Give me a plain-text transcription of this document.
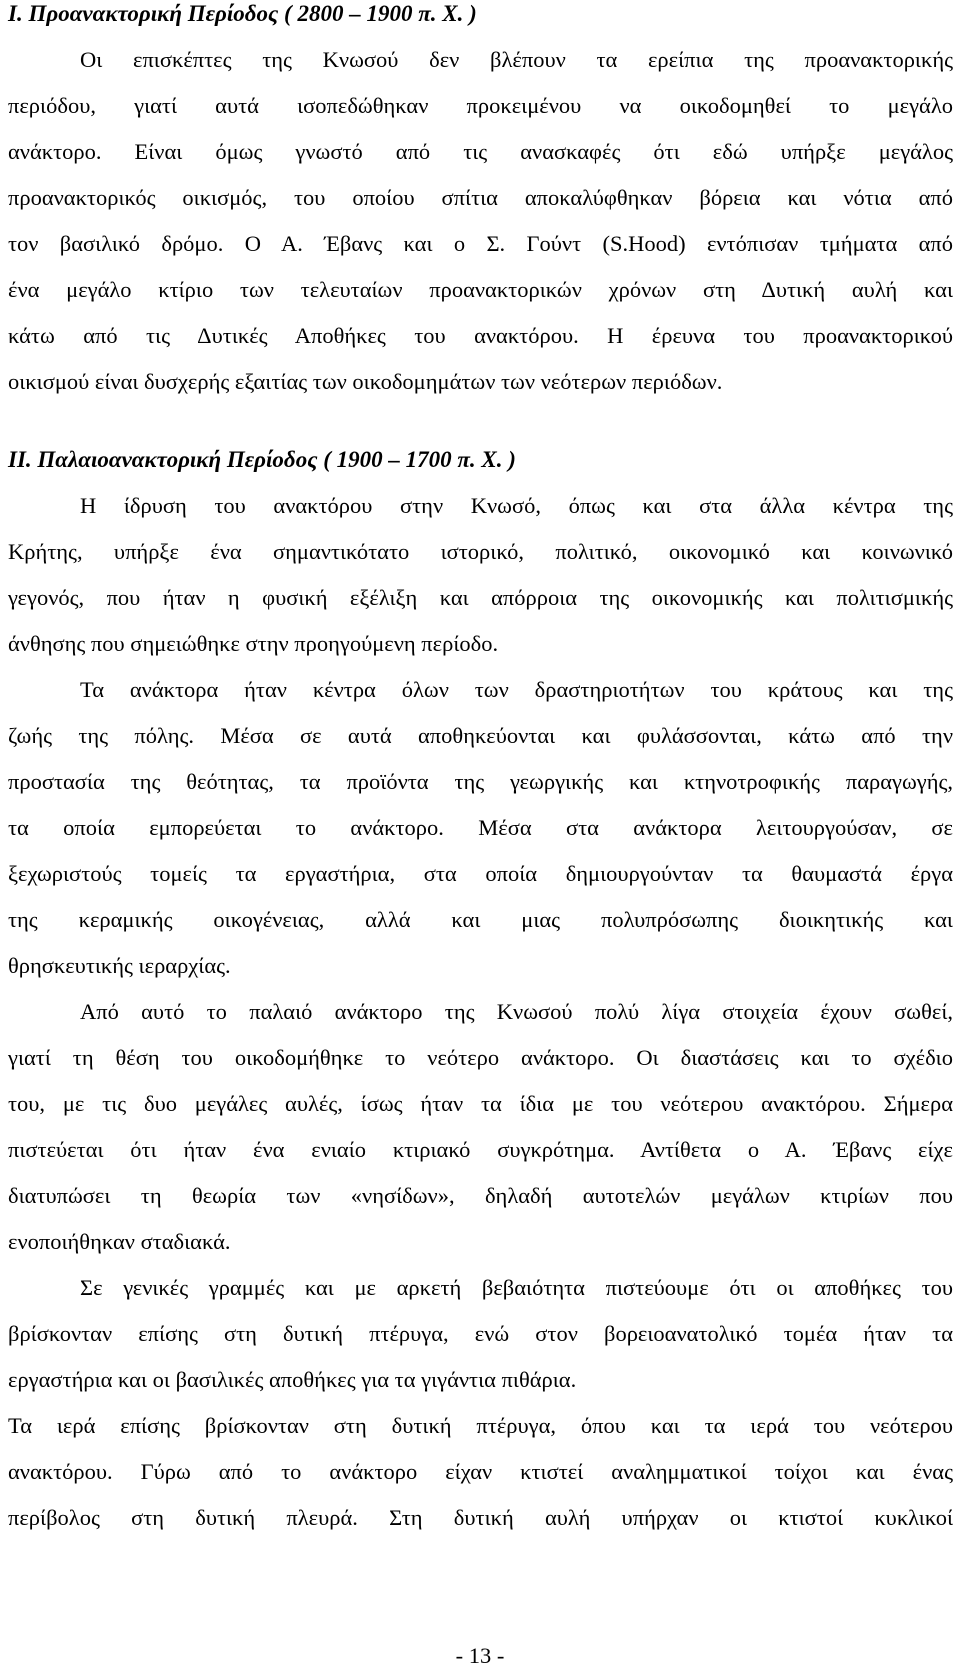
Ι. Προανακτορική Περίοδος ( 2800 – 1900 π. Χ. )
Οι επισκέπτες της Κνωσού δεν βλέπουν τα ερείπια της προανακτορικής
περιόδου, γιατί αυτά ισοπεδώθηκαν προκειμένου να οικοδομηθεί το μεγάλο
ανάκτορο. Είναι όμως γνωστό από τις ανασκαφές ότι εδώ υπήρξε μεγάλος
προανακτορικός οικισμός, του οποίου σπίτια αποκαλύφθηκαν βόρεια και νότια από
τον βασιλικό δρόμο. Ο Α. Έβανς και ο Σ. Γούντ (S.Hood) εντόπισαν τμήματα από
ένα μεγάλο κτίριο των τελευταίων προανακτορικών χρόνων στη Δυτική αυλή και
κάτω από τις Δυτικές Αποθήκες του ανακτόρου. Η έρευνα του προανακτορικού
οικισμού είναι δυσχερής εξαιτίας των οικοδομημάτων των νεότερων περιόδων.
ΙΙ. Παλαιοανακτορική Περίοδος ( 1900 – 1700 π. Χ. )
Η ίδρυση του ανακτόρου στην Κνωσό, όπως και στα άλλα κέντρα της
Κρήτης, υπήρξε ένα σημαντικότατο ιστορικό, πολιτικό, οικονομικό και κοινωνικό
γεγονός, που ήταν η φυσική εξέλιξη και απόρροια της οικονομικής και πολιτισμικής
άνθησης που σημειώθηκε στην προηγούμενη περίοδο.
Τα ανάκτορα ήταν κέντρα όλων των δραστηριοτήτων του κράτους και της
ζωής της πόλης. Μέσα σε αυτά αποθηκεύονται και φυλάσσονται, κάτω από την
προστασία της θεότητας, τα προϊόντα της γεωργικής και κτηνοτροφικής παραγωγής,
τα οποία εμπορεύεται το ανάκτορο. Μέσα στα ανάκτορα λειτουργούσαν, σε
ξεχωριστούς τομείς τα εργαστήρια, στα οποία δημιουργούνταν τα θαυμαστά έργα
της κεραμικής οικογένειας, αλλά και μιας πολυπρόσωπης διοικητικής και
θρησκευτικής ιεραρχίας.
Από αυτό το παλαιό ανάκτορο της Κνωσού πολύ λίγα στοιχεία έχουν σωθεί,
γιατί τη θέση του οικοδομήθηκε το νεότερο ανάκτορο. Οι διαστάσεις και το σχέδιο
του, με τις δυο μεγάλες αυλές, ίσως ήταν τα ίδια με του νεότερου ανακτόρου. Σήμερα
πιστεύεται ότι ήταν ένα ενιαίο κτιριακό συγκρότημα. Αντίθετα ο Α. Έβανς είχε
διατυπώσει τη θεωρία των «νησίδων», δηλαδή αυτοτελών μεγάλων κτιρίων που
ενοποιήθηκαν σταδιακά.
Σε γενικές γραμμές και με αρκετή βεβαιότητα πιστεύουμε ότι οι αποθήκες του
βρίσκονταν επίσης στη δυτική πτέρυγα, ενώ στον βορειοανατολικό τομέα ήταν τα
εργαστήρια και οι βασιλικές αποθήκες για τα γιγάντια πιθάρια.
Τα ιερά επίσης βρίσκονταν στη δυτική πτέρυγα, όπου και τα ιερά του νεότερου
ανακτόρου. Γύρω από το ανάκτορο είχαν κτιστεί αναλημματικοί τοίχοι και ένας
περίβολος στη δυτική πλευρά. Στη δυτική αυλή υπήρχαν οι κτιστοί κυκλικοί
- 13 -
